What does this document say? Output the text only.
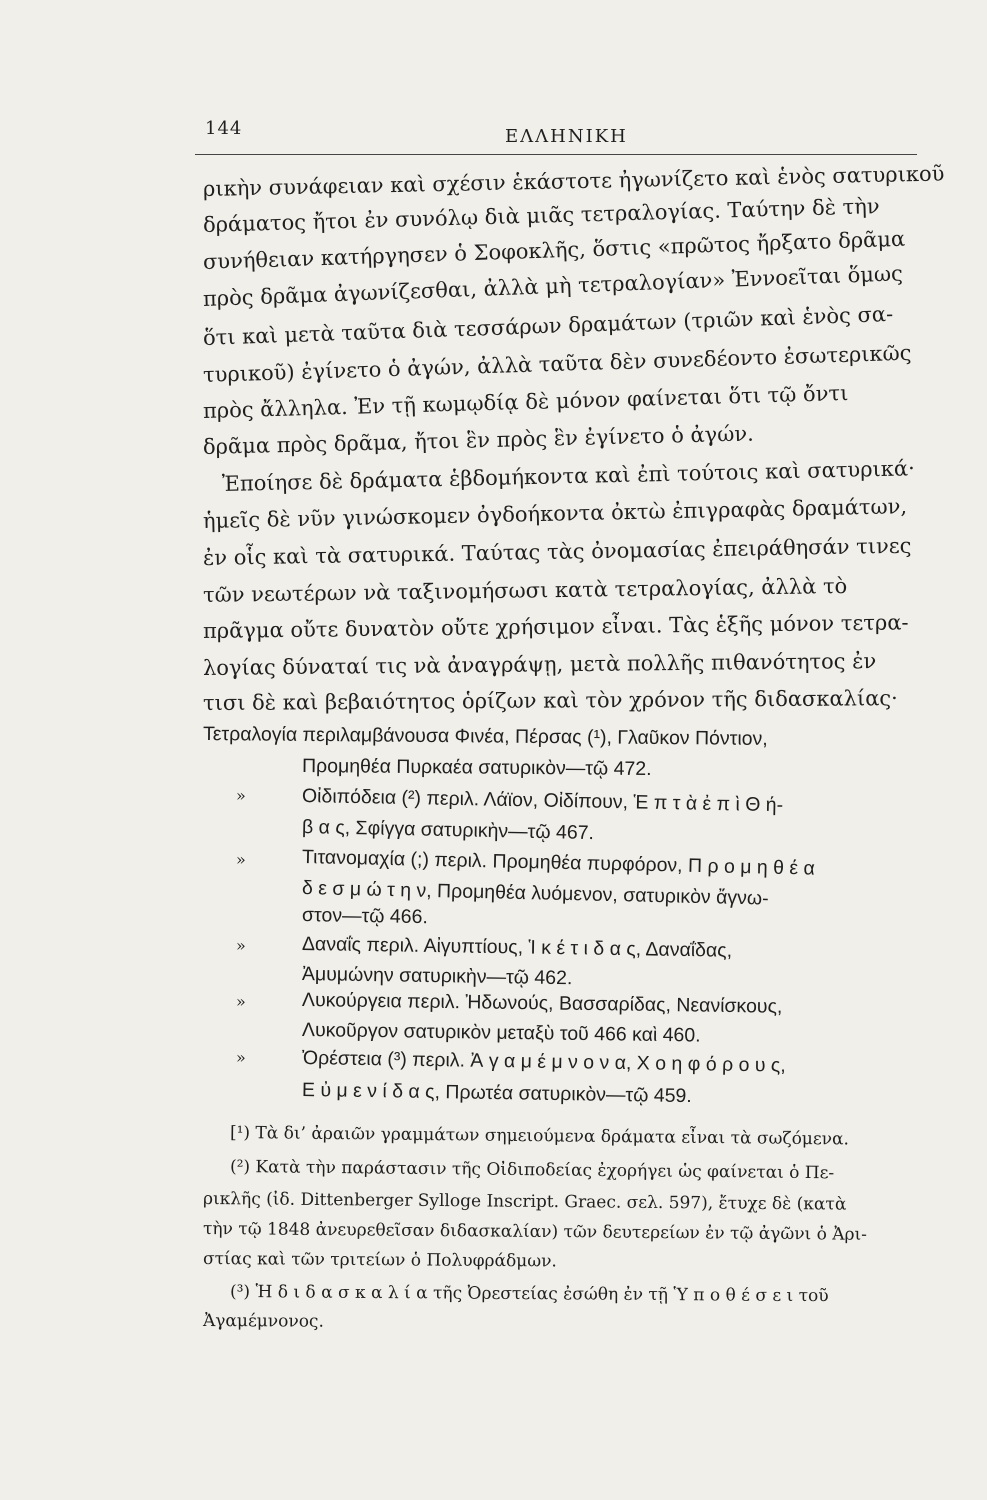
144	ΕΛΛΗΝΙΚΗ
ρικὴν συνάφειαν καὶ σχέσιν ἑκάστοτε ἠγωνίζετο καὶ ἑνὸς σατυρικοῦ
δράματος ἤτοι ἐν συνόλῳ διὰ μιᾶς τετραλογίας. Ταύτην δὲ τὴν
συνήθειαν κατήργησεν ὁ Σοφοκλῆς, ὅστις «πρῶτος ἤρξατο δρᾶμα
πρὸς δρᾶμα ἀγωνίζεσθαι, ἀλλὰ μὴ τετραλογίαν» Ἐννοεῖται ὅμως
ὅτι καὶ μετὰ ταῦτα διὰ τεσσάρων δραμάτων (τριῶν καὶ ἑνὸς σα-
τυρικοῦ) ἐγίνετο ὁ ἀγών, ἀλλὰ ταῦτα δὲν συνεδέοντο ἐσωτερικῶς
πρὸς ἄλληλα. Ἐν τῇ κωμῳδίᾳ δὲ μόνον φαίνεται ὅτι τῷ ὄντι
δρᾶμα πρὸς δρᾶμα, ἤτοι ἓν πρὸς ἓν ἐγίνετο ὁ ἀγών.
Ἐποίησε δὲ δράματα ἑβδομήκοντα καὶ ἐπὶ τούτοις καὶ σατυρικά·
ἡμεῖς δὲ νῦν γινώσκομεν ὀγδοήκοντα ὀκτὼ ἐπιγραφὰς δραμάτων,
ἐν οἷς καὶ τὰ σατυρικά. Ταύτας τὰς ὀνομασίας ἐπειράθησάν τινες
τῶν νεωτέρων νὰ ταξινομήσωσι κατὰ τετραλογίας, ἀλλὰ τὸ
πρᾶγμα οὔτε δυνατὸν οὔτε χρήσιμον εἶναι. Τὰς ἑξῆς μόνον τετρα-
λογίας δύναταί τις νὰ ἀναγράψῃ, μετὰ πολλῆς πιθανότητος ἐν
τισι δὲ καὶ βεβαιότητος ὁρίζων καὶ τὸν χρόνον τῆς διδασκαλίας·
Τετραλογία περιλαμβάνουσα Φινέα, Πέρσας (¹), Γλαῦκον Πόντιον,
Προμηθέα Πυρκαέα σατυρικὸν—τῷ 472.
»	Οἰδιπόδεια (²) περιλ. Λάϊον, Οἰδίπουν, Ἑ π τ ὰ ἐ π ὶ Θ ή-
β α ς, Σφίγγα σατυρικὴν—τῷ 467.
»	Τιτανομαχία (;) περιλ. Προμηθέα πυρφόρον, Π ρ ο μ η θ έ α
δ ε σ μ ώ τ η ν, Προμηθέα λυόμενον, σατυρικὸν ἄγνω-
στον—τῷ 466.
»	Δαναΐς περιλ. Αἰγυπτίους, Ἱ κ έ τ ι δ α ς, Δαναΐδας,
Ἀμυμώνην σατυρικὴν—τῷ 462.
»	Λυκούργεια περιλ. Ἠδωνούς, Βασσαρίδας, Νεανίσκους,
Λυκοῦργον σατυρικὸν μεταξὺ τοῦ 466 καὶ 460.
»	Ὀρέστεια (³) περιλ. Ἀ γ α μ έ μ ν ο ν α, Χ ο η φ ό ρ ο υ ς,
Ε ὐ μ ε ν ί δ α ς, Πρωτέα σατυρικὸν—τῷ 459.
[¹) Τὰ δι’ ἀραιῶν γραμμάτων σημειούμενα δράματα εἶναι τὰ σωζόμενα.
(²) Κατὰ τὴν παράστασιν τῆς Οἰδιποδείας ἐχορήγει ὡς φαίνεται ὁ Πε-
ρικλῆς (ἰδ. Dittenberger Sylloge Inscript. Graec. σελ. 597), ἔτυχε δὲ (κατὰ
τὴν τῷ 1848 ἀνευρεθεῖσαν διδασκαλίαν) τῶν δευτερείων ἐν τῷ ἀγῶνι ὁ Ἀρι-
στίας καὶ τῶν τριτείων ὁ Πολυφράδμων.
(³) Ἡ δ ι δ α σ κ α λ ί α τῆς Ὀρεστείας ἐσώθη ἐν τῇ Ὑ π ο θ έ σ ε ι τοῦ
Ἀγαμέμνονος.
